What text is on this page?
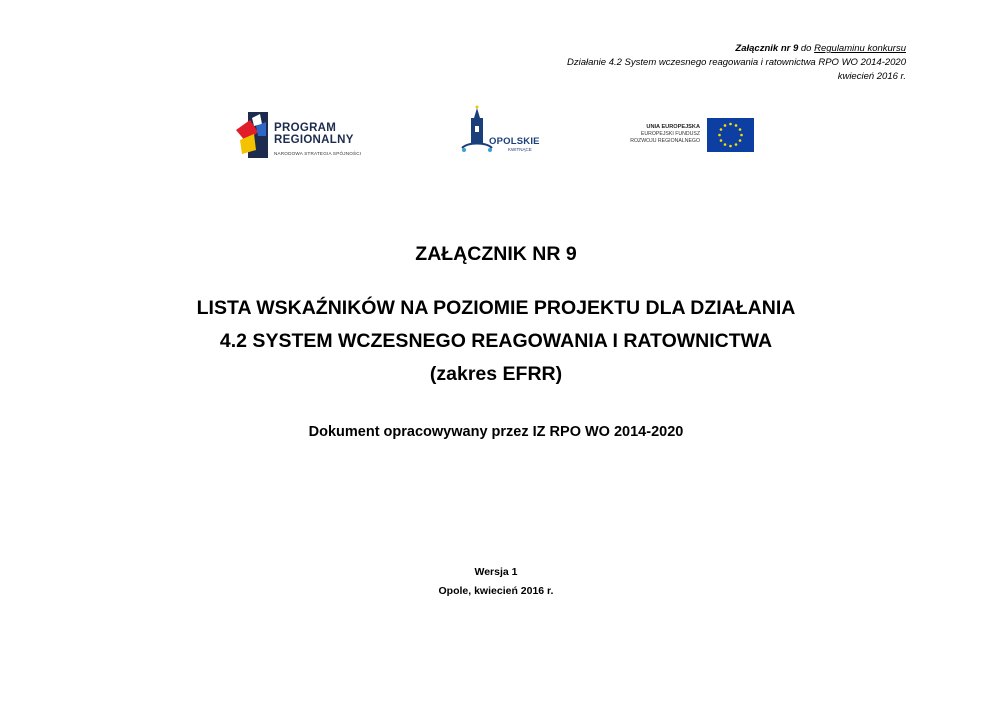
Załącznik nr 9 do Regulaminu konkursu
Działanie 4.2 System wczesnego reagowania i ratownictwa RPO WO 2014-2020
kwiecień 2016 r.
PROGRAM
REGIONALNY
NARODOWA STRATEGIA SPÓJNOŚCI
OPOLSKIE
KWITNĄCE
UNIA EUROPEJSKA
EUROPEJSKI FUNDUSZ
ROZWOJU REGIONALNEGO
ZAŁĄCZNIK NR 9
LISTA WSKAŹNIKÓW NA POZIOMIE PROJEKTU DLA DZIAŁANIA
4.2 SYSTEM WCZESNEGO REAGOWANIA I RATOWNICTWA
(zakres EFRR)
Dokument opracowywany przez IZ RPO WO 2014-2020
Wersja 1
Opole, kwiecień 2016 r.
